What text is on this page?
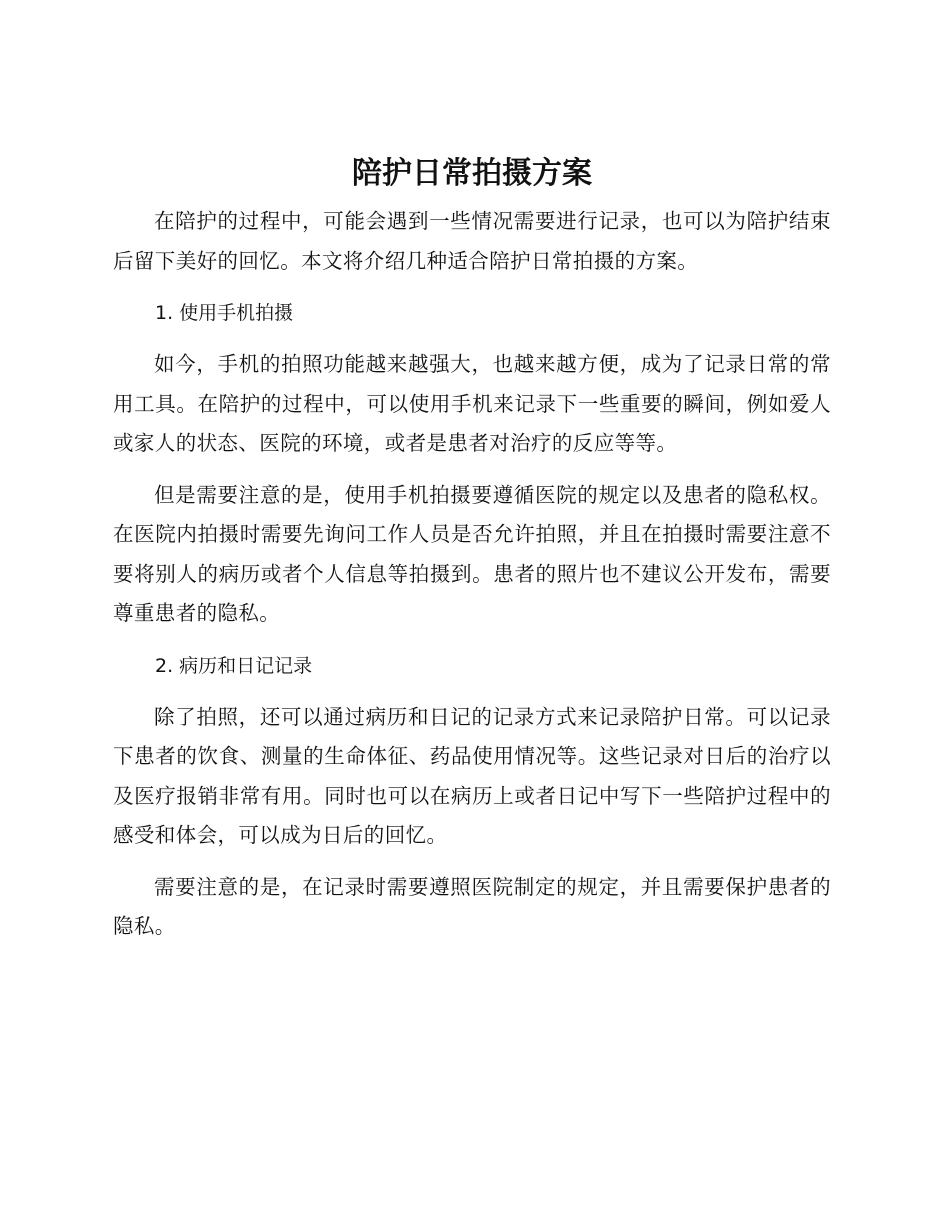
陪护日常拍摄方案

在陪护的过程中，可能会遇到一些情况需要进行记录，也可以为陪护结束后留下美好的回忆。本文将介绍几种适合陪护日常拍摄的方案。

1. 使用手机拍摄

如今，手机的拍照功能越来越强大，也越来越方便，成为了记录日常的常用工具。在陪护的过程中，可以使用手机来记录下一些重要的瞬间，例如爱人或家人的状态、医院的环境，或者是患者对治疗的反应等等。

但是需要注意的是，使用手机拍摄要遵循医院的规定以及患者的隐私权。在医院内拍摄时需要先询问工作人员是否允许拍照，并且在拍摄时需要注意不要将别人的病历或者个人信息等拍摄到。患者的照片也不建议公开发布，需要尊重患者的隐私。

2. 病历和日记记录

除了拍照，还可以通过病历和日记的记录方式来记录陪护日常。可以记录下患者的饮食、测量的生命体征、药品使用情况等。这些记录对日后的治疗以及医疗报销非常有用。同时也可以在病历上或者日记中写下一些陪护过程中的感受和体会，可以成为日后的回忆。

需要注意的是，在记录时需要遵照医院制定的规定，并且需要保护患者的隐私。
